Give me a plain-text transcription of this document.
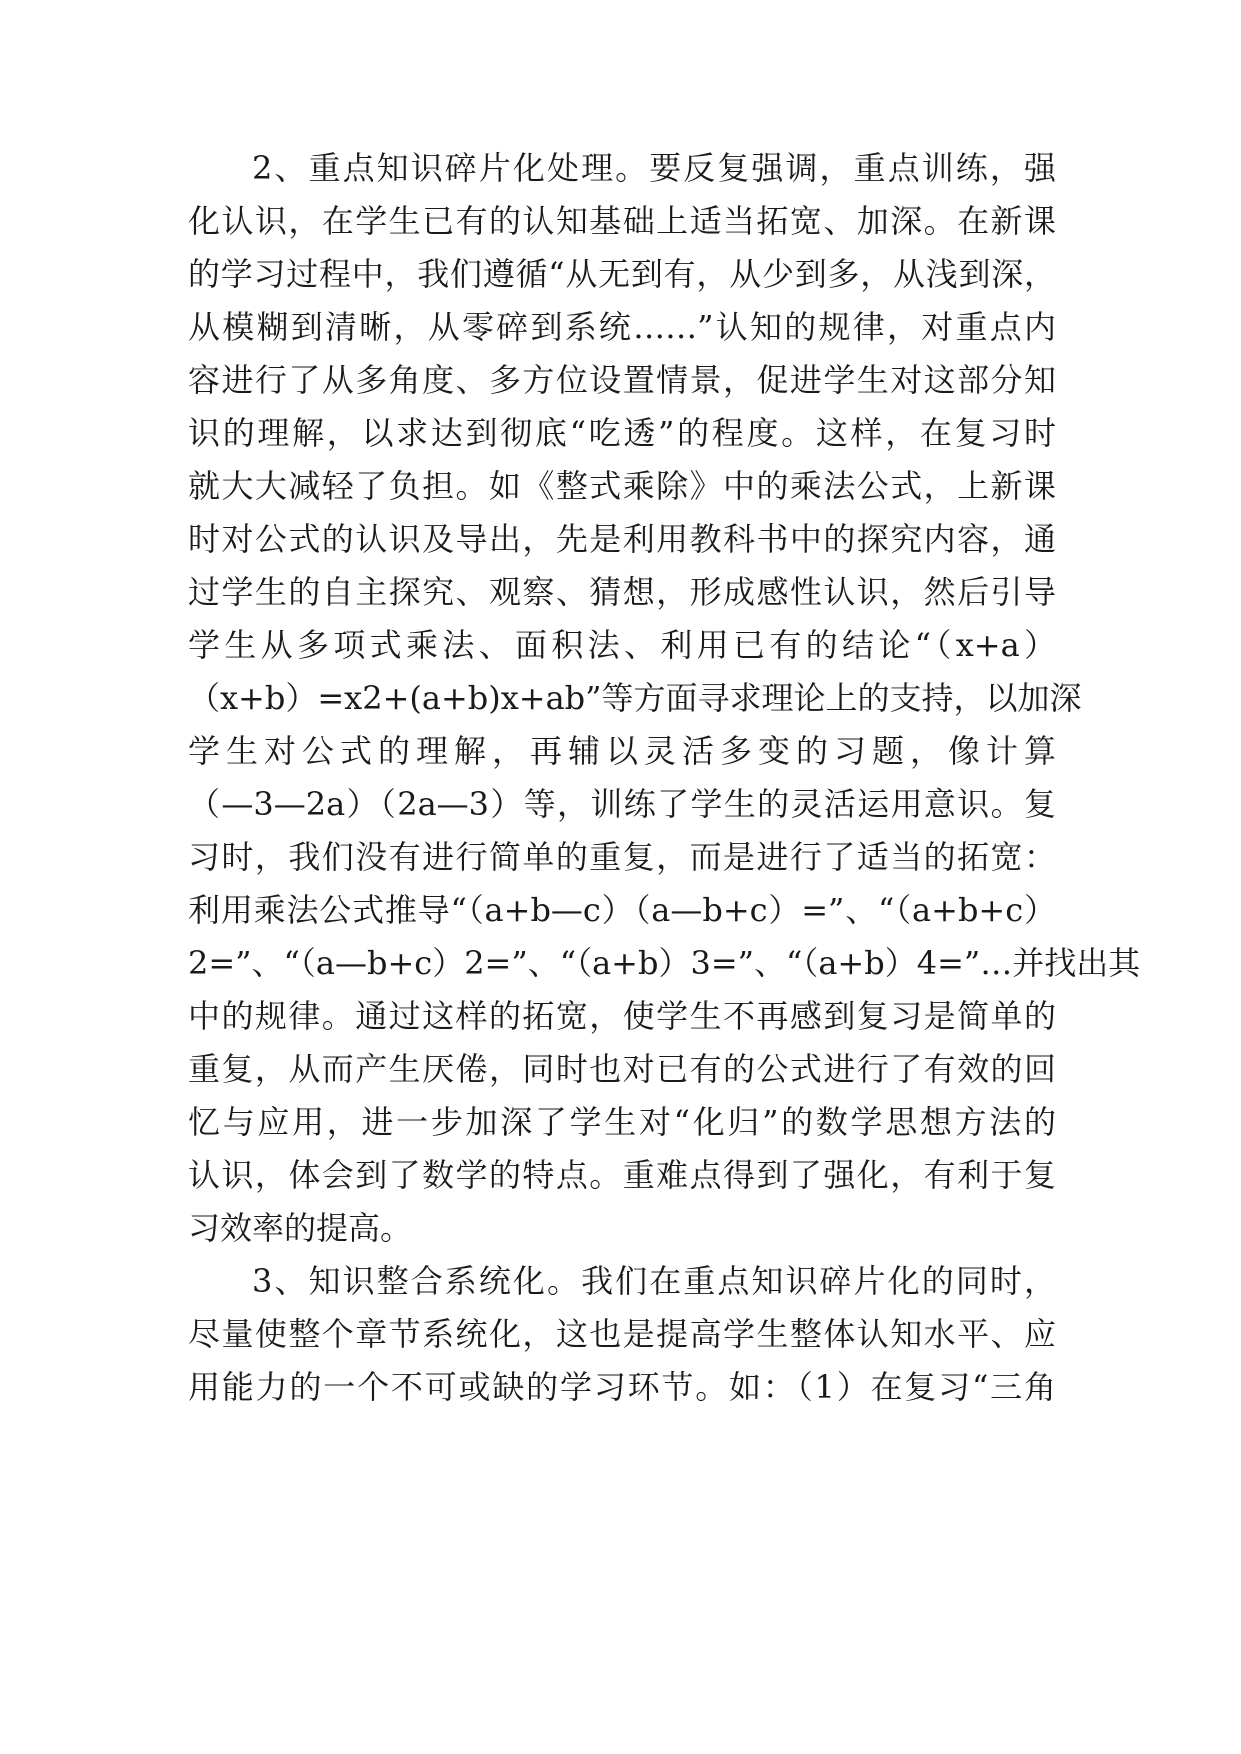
2、重点知识碎片化处理。要反复强调，重点训练，强
化认识，在学生已有的认知基础上适当拓宽、加深。在新课
的学习过程中，我们遵循“从无到有，从少到多，从浅到深，
从模糊到清晰，从零碎到系统……”认知的规律，对重点内
容进行了从多角度、多方位设置情景，促进学生对这部分知
识的理解，以求达到彻底“吃透”的程度。这样，在复习时
就大大减轻了负担。如《整式乘除》中的乘法公式，上新课
时对公式的认识及导出，先是利用教科书中的探究内容，通
过学生的自主探究、观察、猜想，形成感性认识，然后引导
学生从多项式乘法、面积法、利用已有的结论“（x+a）
（x+b）=x2+(a+b)x+ab”等方面寻求理论上的支持，以加深
学生对公式的理解，再辅以灵活多变的习题，像计算
（—3—2a）（2a—3）等，训练了学生的灵活运用意识。复
习时，我们没有进行简单的重复，而是进行了适当的拓宽：
利用乘法公式推导“（a+b—c）（a—b+c）=”、“（a+b+c）
2=”、“（a—b+c）2=”、“（a+b）3=”、“（a+b）4=”…并找出其
中的规律。通过这样的拓宽，使学生不再感到复习是简单的
重复，从而产生厌倦，同时也对已有的公式进行了有效的回
忆与应用，进一步加深了学生对“化归”的数学思想方法的
认识，体会到了数学的特点。重难点得到了强化，有利于复
习效率的提高。
3、知识整合系统化。我们在重点知识碎片化的同时，
尽量使整个章节系统化，这也是提高学生整体认知水平、应
用能力的一个不可或缺的学习环节。如：（1）在复习“三角
